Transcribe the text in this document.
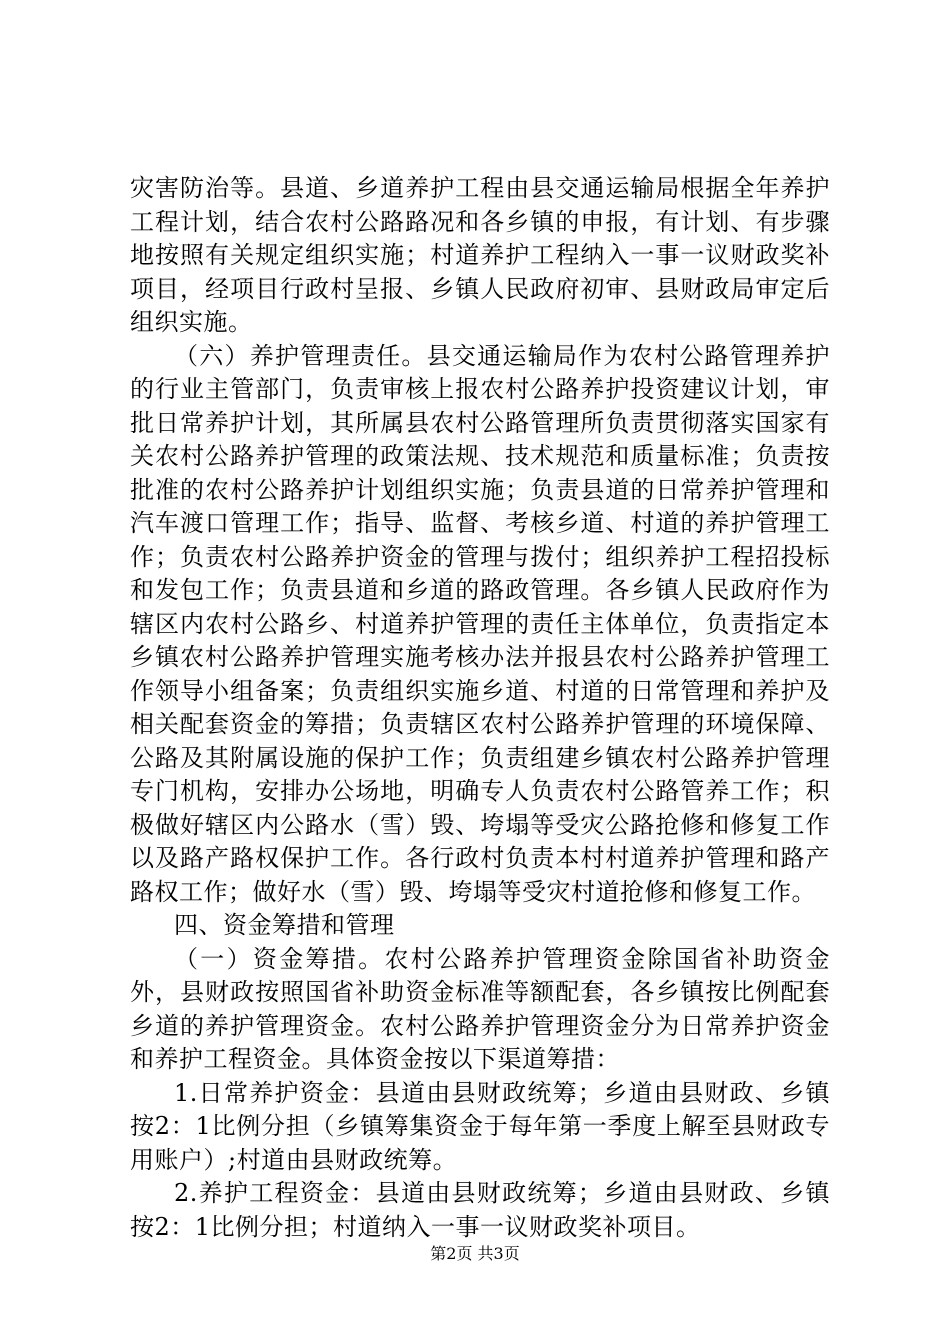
灾害防治等。县道、乡道养护工程由县交通运输局根据全年养护工程计划，结合农村公路路况和各乡镇的申报，有计划、有步骤地按照有关规定组织实施；村道养护工程纳入一事一议财政奖补项目，经项目行政村呈报、乡镇人民政府初审、县财政局审定后组织实施。

（六）养护管理责任。县交通运输局作为农村公路管理养护的行业主管部门，负责审核上报农村公路养护投资建议计划，审批日常养护计划，其所属县农村公路管理所负责贯彻落实国家有关农村公路养护管理的政策法规、技术规范和质量标准；负责按批准的农村公路养护计划组织实施；负责县道的日常养护管理和汽车渡口管理工作；指导、监督、考核乡道、村道的养护管理工作；负责农村公路养护资金的管理与拨付；组织养护工程招投标和发包工作；负责县道和乡道的路政管理。各乡镇人民政府作为辖区内农村公路乡、村道养护管理的责任主体单位，负责指定本乡镇农村公路养护管理实施考核办法并报县农村公路养护管理工作领导小组备案；负责组织实施乡道、村道的日常管理和养护及相关配套资金的筹措；负责辖区农村公路养护管理的环境保障、公路及其附属设施的保护工作；负责组建乡镇农村公路养护管理专门机构，安排办公场地，明确专人负责农村公路管养工作；积极做好辖区内公路水（雪）毁、垮塌等受灾公路抢修和修复工作以及路产路权保护工作。各行政村负责本村村道养护管理和路产路权工作；做好水（雪）毁、垮塌等受灾村道抢修和修复工作。

四、资金筹措和管理

（一）资金筹措。农村公路养护管理资金除国省补助资金外，县财政按照国省补助资金标准等额配套，各乡镇按比例配套乡道的养护管理资金。农村公路养护管理资金分为日常养护资金和养护工程资金。具体资金按以下渠道筹措：

1.日常养护资金：县道由县财政统筹；乡道由县财政、乡镇按2：1比例分担（乡镇筹集资金于每年第一季度上解至县财政专用账户）;村道由县财政统筹。

2.养护工程资金：县道由县财政统筹；乡道由县财政、乡镇按2：1比例分担；村道纳入一事一议财政奖补项目。

第2页 共3页
